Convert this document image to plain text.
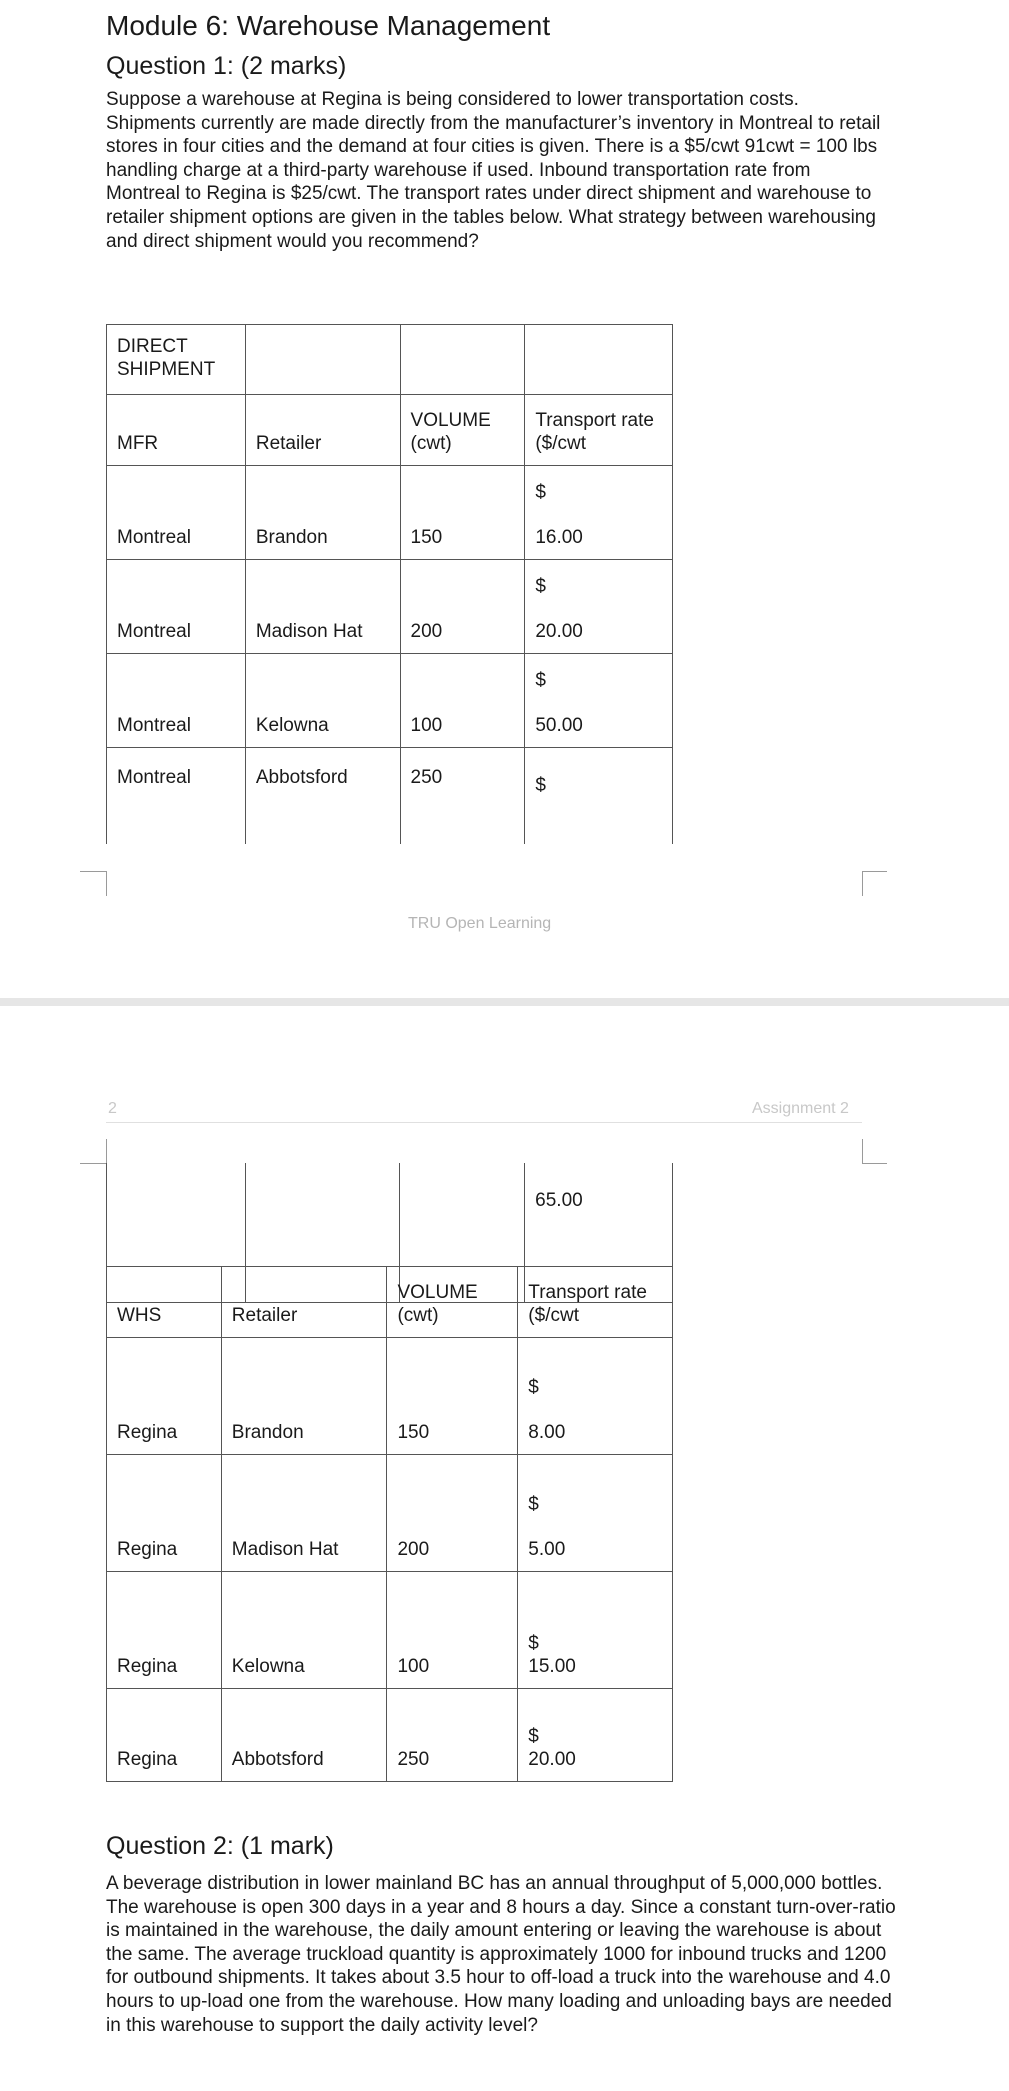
Module 6: Warehouse Management
Question 1: (2 marks)

Suppose a warehouse at Regina is being considered to lower transportation costs. Shipments currently are made directly from the manufacturer’s inventory in Montreal to retail stores in four cities and the demand at four cities is given. There is a $5/cwt 91cwt = 100 lbs handling charge at a third-party warehouse if used. Inbound transportation rate from Montreal to Regina is $25/cwt. The transport rates under direct shipment and warehouse to retailer shipment options are given in the tables below. What strategy between warehousing and direct shipment would you recommend?

DIRECT SHIPMENT			
MFR	Retailer	VOLUME (cwt)	Transport rate ($/cwt
Montreal	Brandon	150	$
16.00
Montreal	Madison Hat	200	$
20.00
Montreal	Kelowna	100	$
50.00
Montreal	Abbotsford	250	$
TRU Open Learning
2	Assignment 2
			65.00
WHS	Retailer	VOLUME (cwt)	Transport rate ($/cwt
Regina	Brandon	150	$
8.00
Regina	Madison Hat	200	$
5.00
Regina	Kelowna	100	$
15.00
Regina	Abbotsford	250	$
20.00
Question 2: (1 mark)

A beverage distribution in lower mainland BC has an annual throughput of 5,000,000 bottles. The warehouse is open 300 days in a year and 8 hours a day. Since a constant turn-over-ratio is maintained in the warehouse, the daily amount entering or leaving the warehouse is about the same. The average truckload quantity is approximately 1000 for inbound trucks and 1200 for outbound shipments. It takes about 3.5 hour to off-load a truck into the warehouse and 4.0 hours to up-load one from the warehouse. How many loading and unloading bays are needed in this warehouse to support the daily activity level?
